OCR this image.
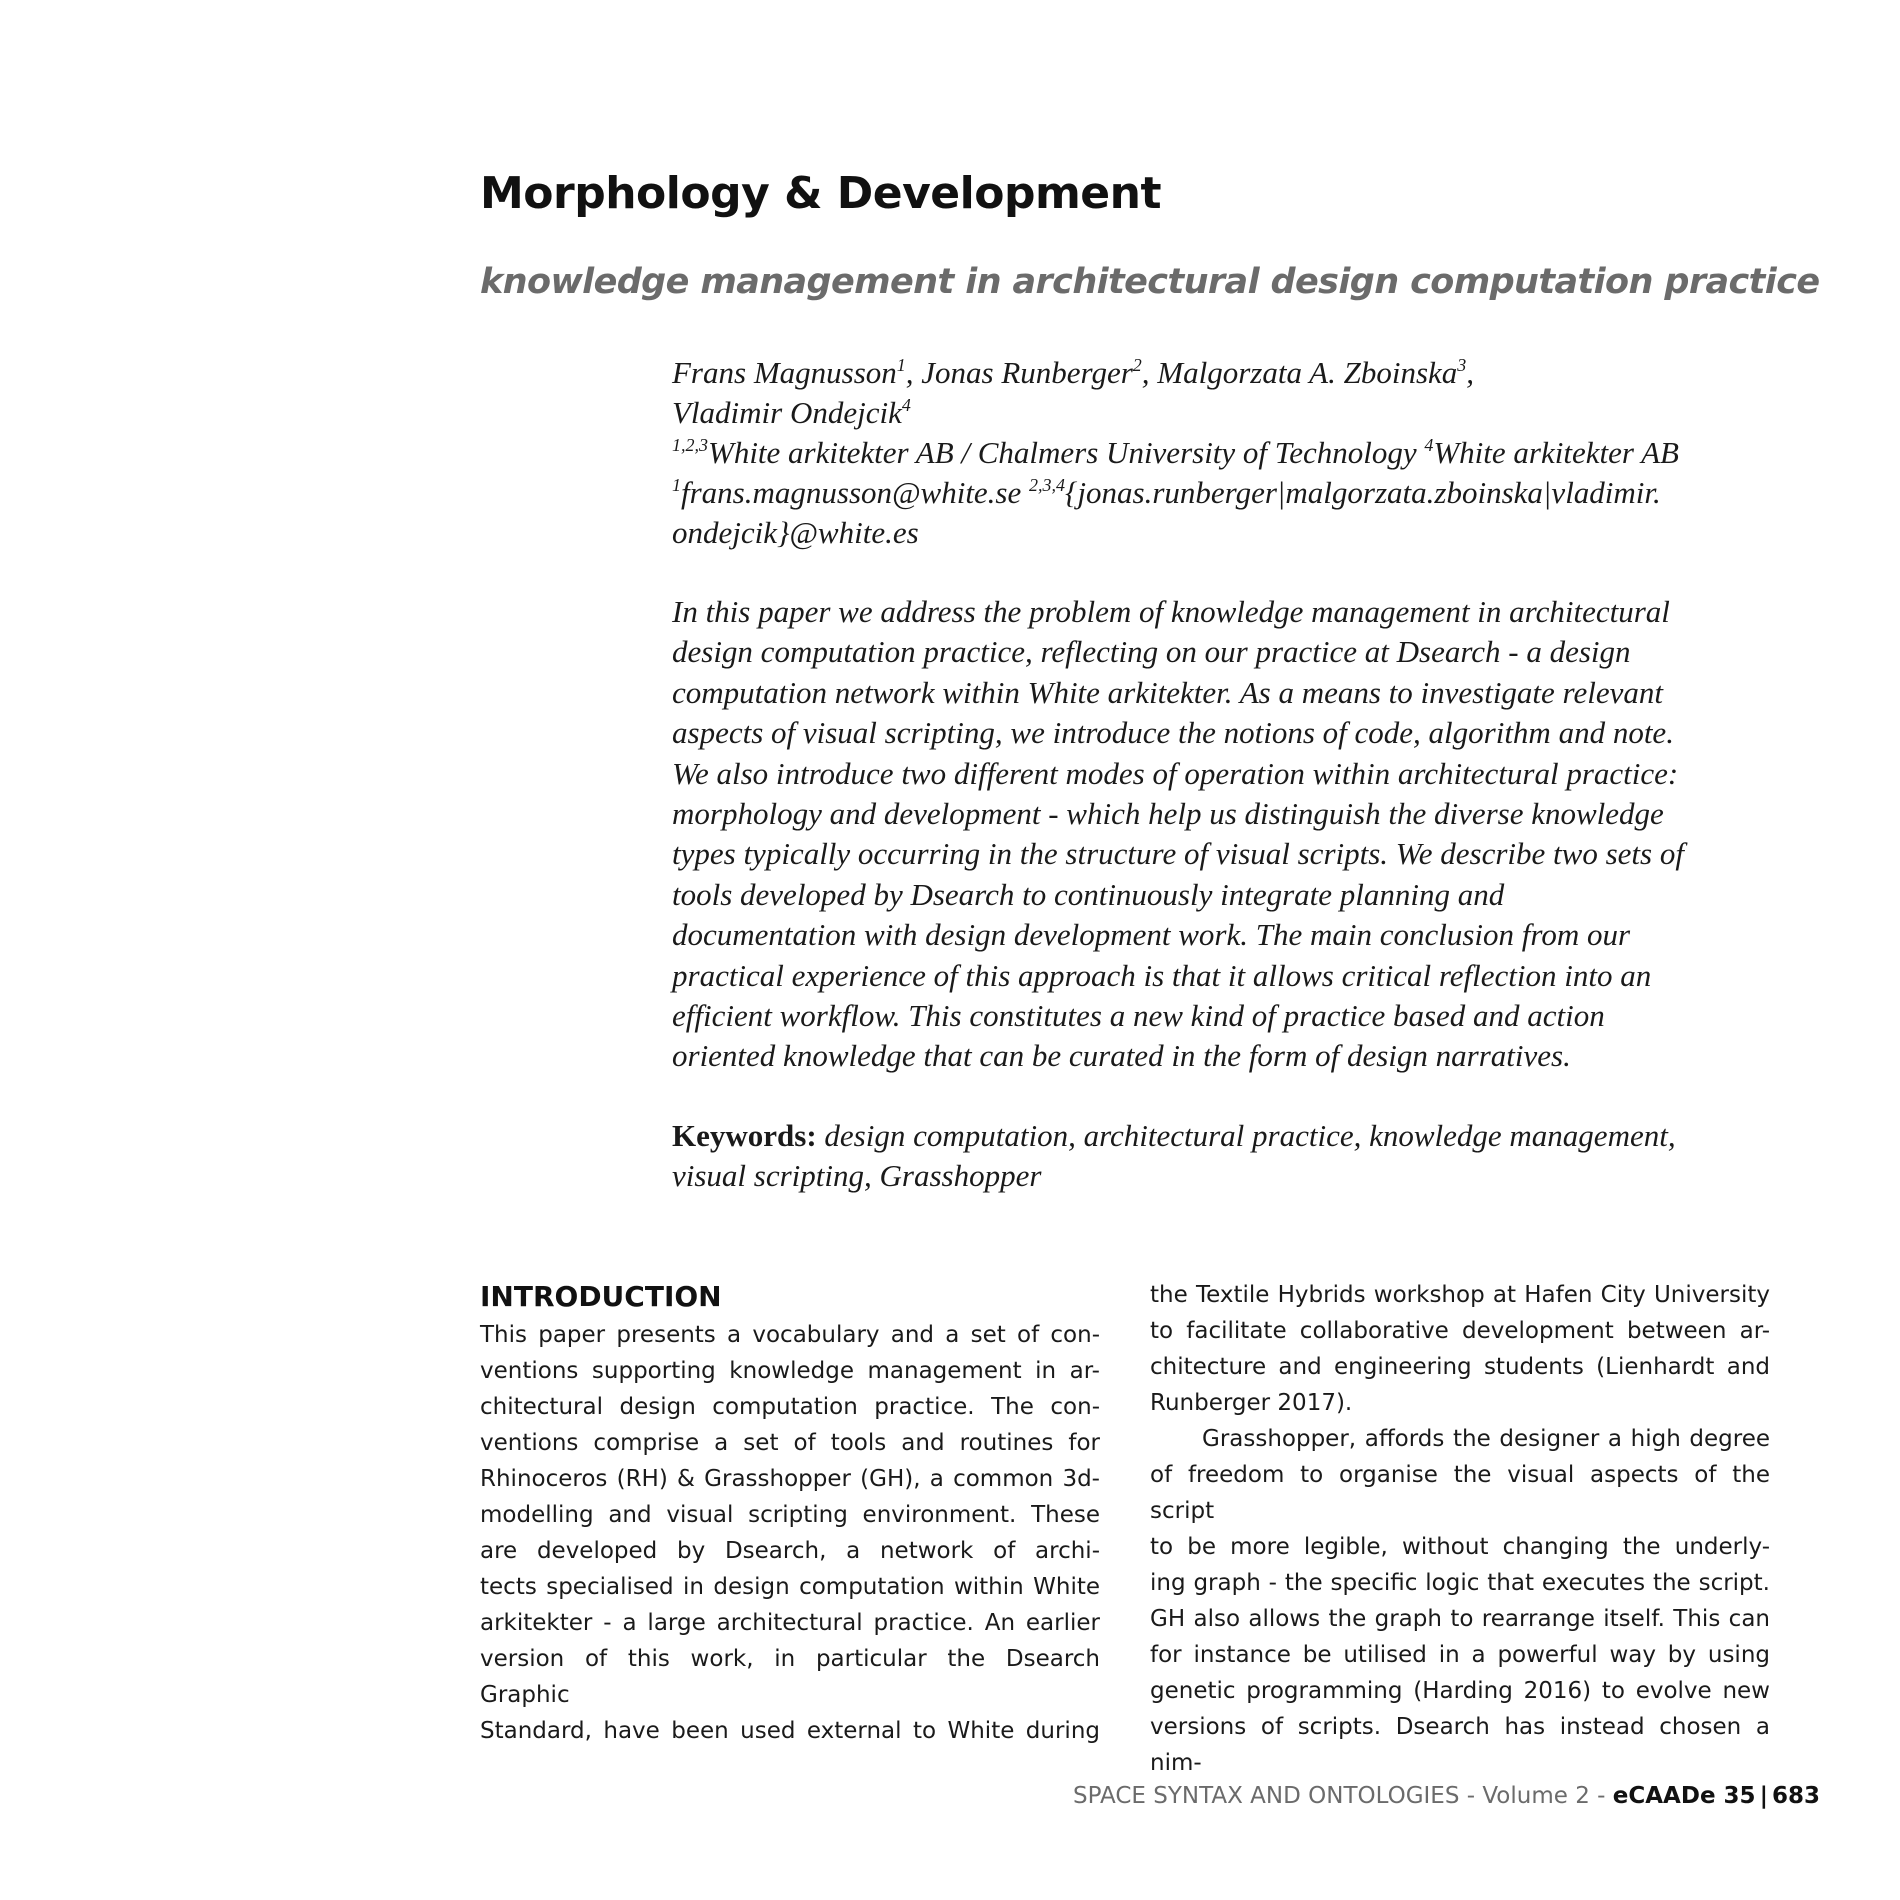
Morphology & Development
knowledge management in architectural design computation practice
Frans Magnusson$^1$, Jonas Runberger$^2$, Malgorzata A. Zboinska$^3$,
Vladimir Ondejcik$^4$
$^{1,2,3}$White arkitekter AB / Chalmers University of Technology $^4$White arkitekter AB
$^1$frans.magnusson@white.se $^{2,3,4}${jonas.runberger|malgorzata.zboinska|vladimir.
ondejcik}@white.es
In this paper we address the problem of knowledge management in architectural
design computation practice, reflecting on our practice at Dsearch - a design
computation network within White arkitekter. As a means to investigate relevant
aspects of visual scripting, we introduce the notions of code, algorithm and note.
We also introduce two different modes of operation within architectural practice:
morphology and development - which help us distinguish the diverse knowledge
types typically occurring in the structure of visual scripts. We describe two sets of
tools developed by Dsearch to continuously integrate planning and
documentation with design development work. The main conclusion from our
practical experience of this approach is that it allows critical reflection into an
efficient workflow. This constitutes a new kind of practice based and action
oriented knowledge that can be curated in the form of design narratives.
Keywords: design computation, architectural practice, knowledge management,
visual scripting, Grasshopper
INTRODUCTION
This paper presents a vocabulary and a set of con-
ventions supporting knowledge management in ar-
chitectural design computation practice. The con-
ventions comprise a set of tools and routines for
Rhinoceros (RH) & Grasshopper (GH), a common 3d-
modelling and visual scripting environment. These
are developed by Dsearch, a network of archi-
tects specialised in design computation within White
arkitekter - a large architectural practice. An earlier
version of this work, in particular the Dsearch Graphic
Standard, have been used external to White during
the Textile Hybrids workshop at Hafen City University
to facilitate collaborative development between ar-
chitecture and engineering students (Lienhardt and
Runberger 2017).
Grasshopper, affords the designer a high degree
of freedom to organise the visual aspects of the script
to be more legible, without changing the underly-
ing graph - the specific logic that executes the script.
GH also allows the graph to rearrange itself. This can
for instance be utilised in a powerful way by using
genetic programming (Harding 2016) to evolve new
versions of scripts. Dsearch has instead chosen a nim-
SPACE SYNTAX AND ONTOLOGIES - Volume 2 - eCAADe 35 | 683
